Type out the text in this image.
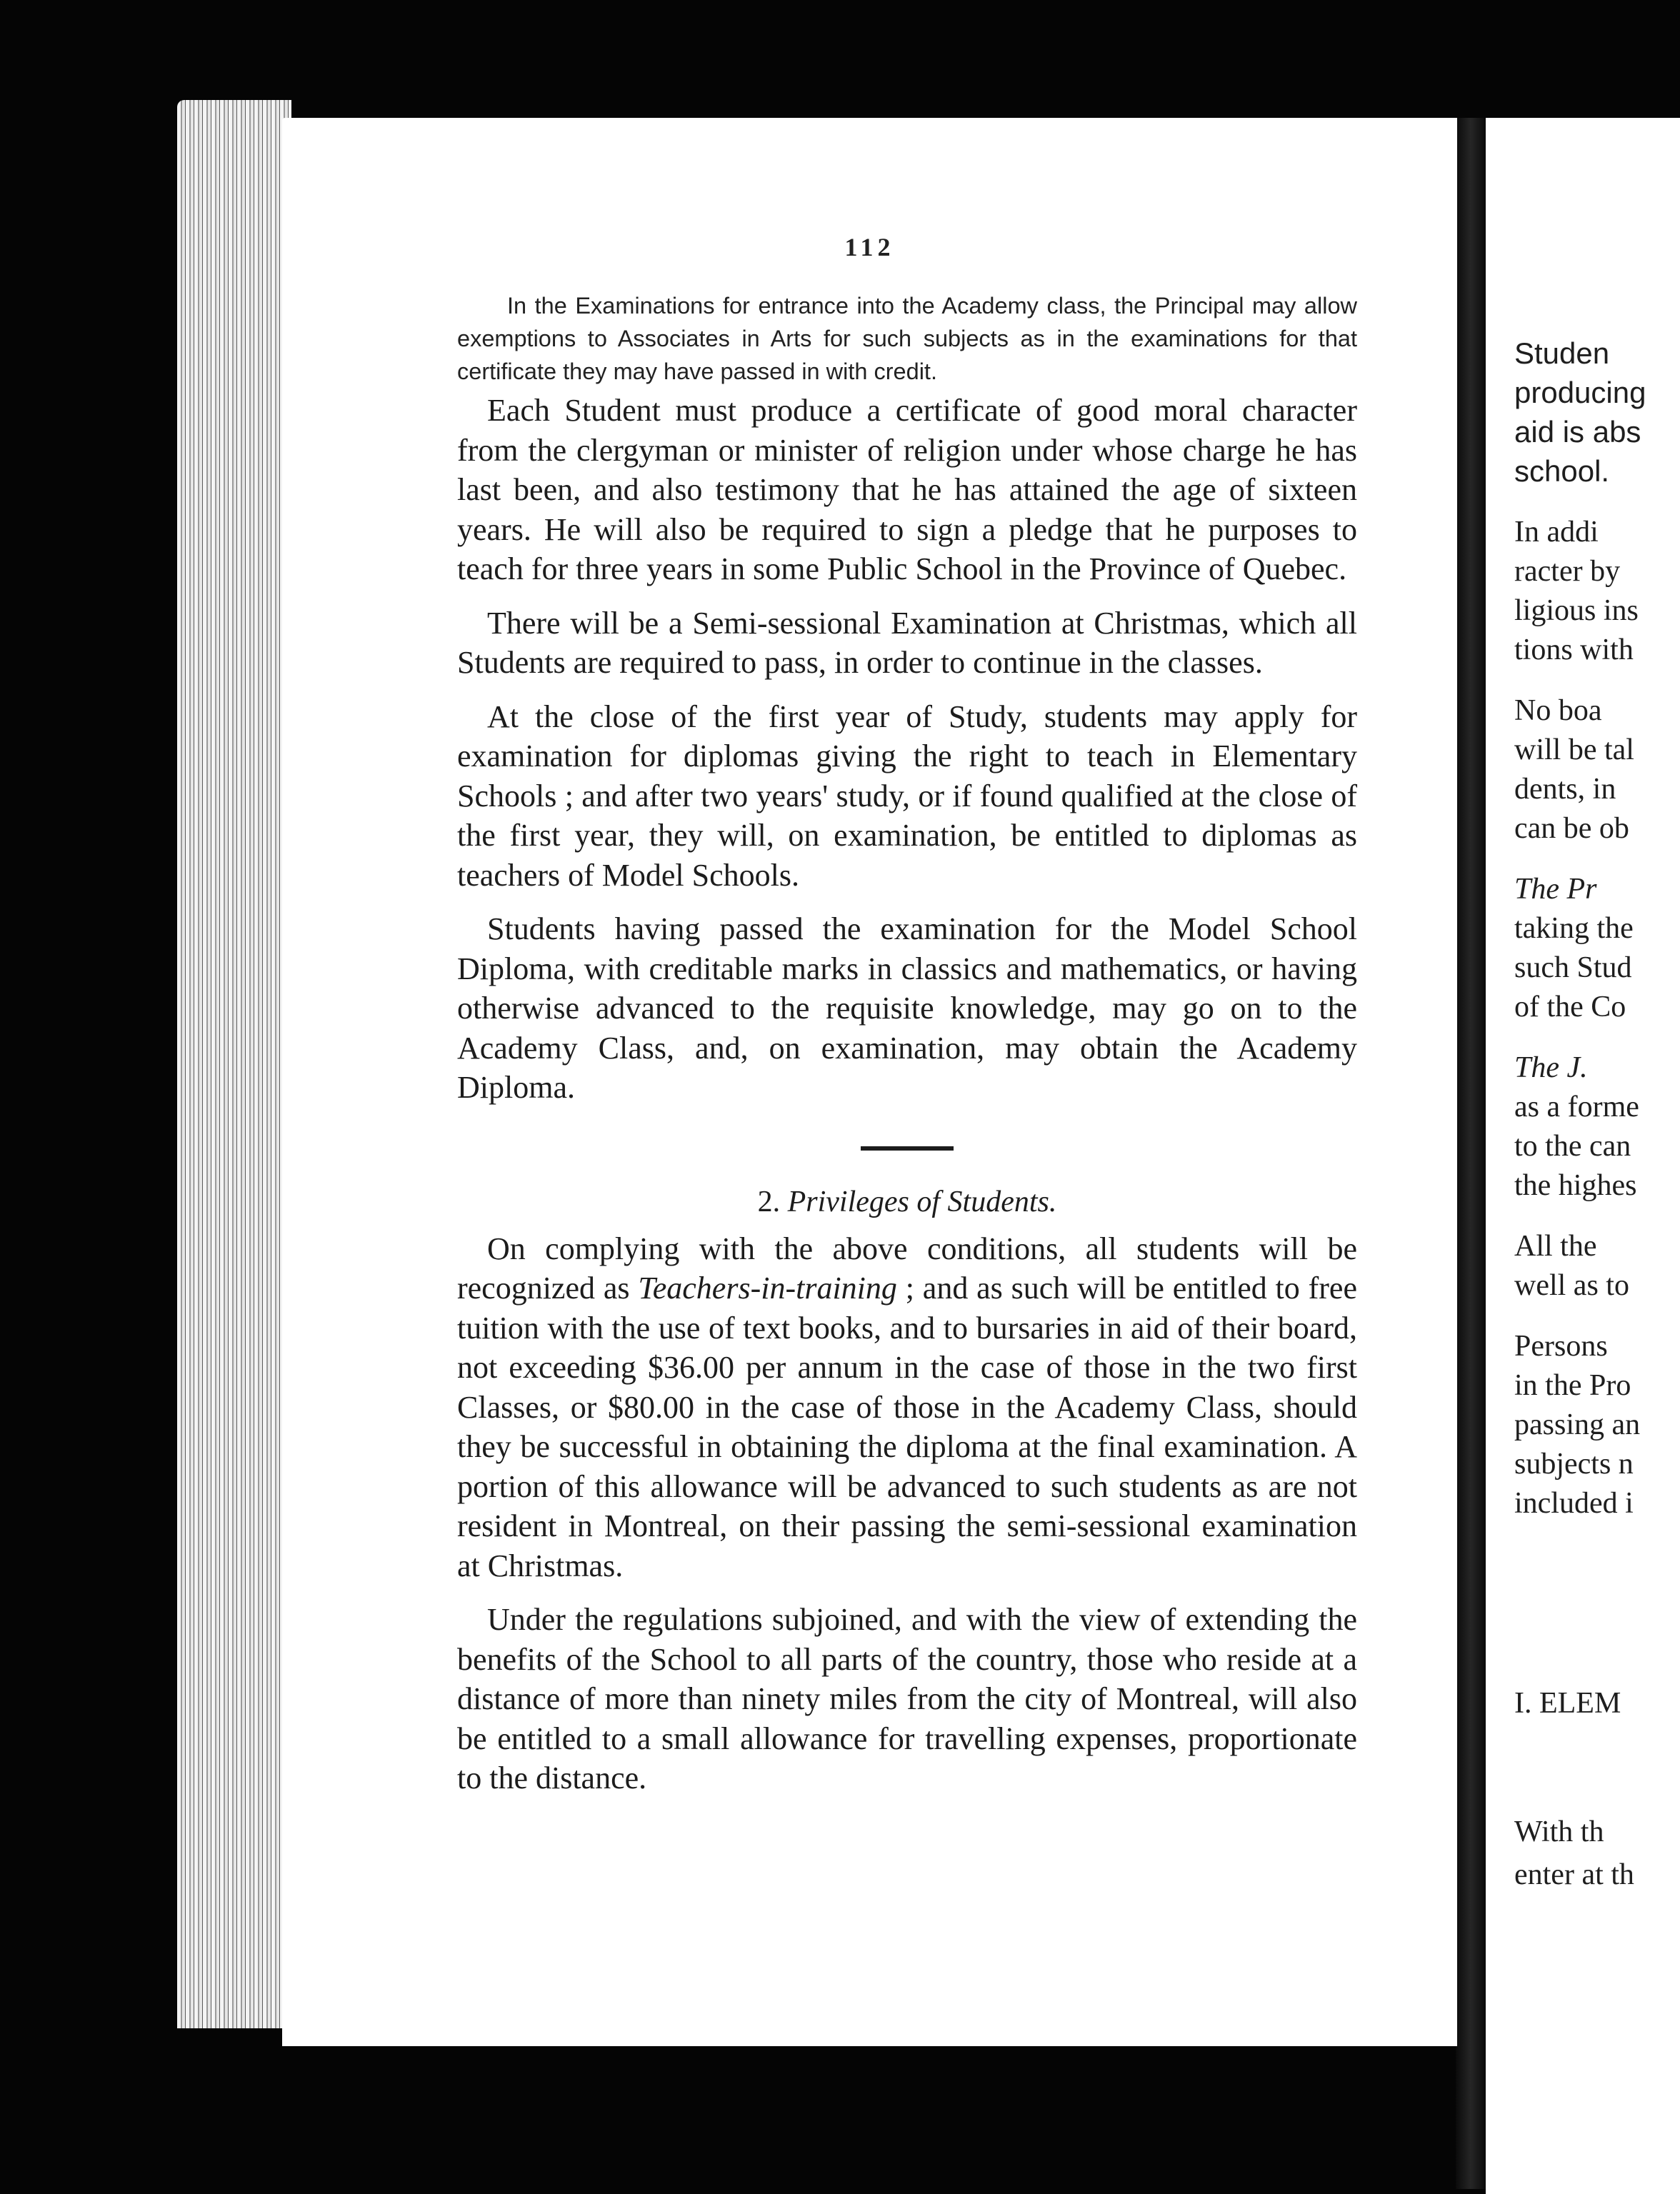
112

In the Examinations for entrance into the Academy class, the Principal may allow exemptions to Associates in Arts for such subjects as in the examinations for that certificate they may have passed in with credit.

Each Student must produce a certificate of good moral character from the clergyman or minister of religion under whose charge he has last been, and also testimony that he has attained the age of sixteen years. He will also be required to sign a pledge that he purposes to teach for three years in some Public School in the Province of Quebec.

There will be a Semi-sessional Examination at Christmas, which all Students are required to pass, in order to continue in the classes.

At the close of the first year of Study, students may apply for examination for diplomas giving the right to teach in Elementary Schools ; and after two years' study, or if found qualified at the close of the first year, they will, on examination, be entitled to diplomas as teachers of Model Schools.

Students having passed the examination for the Model School Diploma, with creditable marks in classics and mathematics, or having otherwise advanced to the requisite knowledge, may go on to the Academy Class, and, on examination, may obtain the Academy Diploma.

2. Privileges of Students.

On complying with the above conditions, all students will be recognized as Teachers-in-training ; and as such will be entitled to free tuition with the use of text books, and to bursaries in aid of their board, not exceeding $36.00 per annum in the case of those in the two first Classes, or $80.00 in the case of those in the Academy Class, should they be successful in obtaining the diploma at the final examination. A portion of this allowance will be advanced to such students as are not resident in Montreal, on their passing the semi-sessional examination at Christmas.

Under the regulations subjoined, and with the view of extending the benefits of the School to all parts of the country, those who reside at a distance of more than ninety miles from the city of Montreal, will also be entitled to a small allowance for travelling expenses, proportionate to the distance.

Studen
producing
aid is abs
school.
In addi
racter by
ligious ins
tions with
No boa
will be tal
dents, in
can be ob
The Pr
taking the
such Stud
of the Co
The J.
as a forme
to the can
the highes
All the
well as to
Persons
in the Pro
passing an
subjects n
included i
I. ELEM
With th
enter at th
